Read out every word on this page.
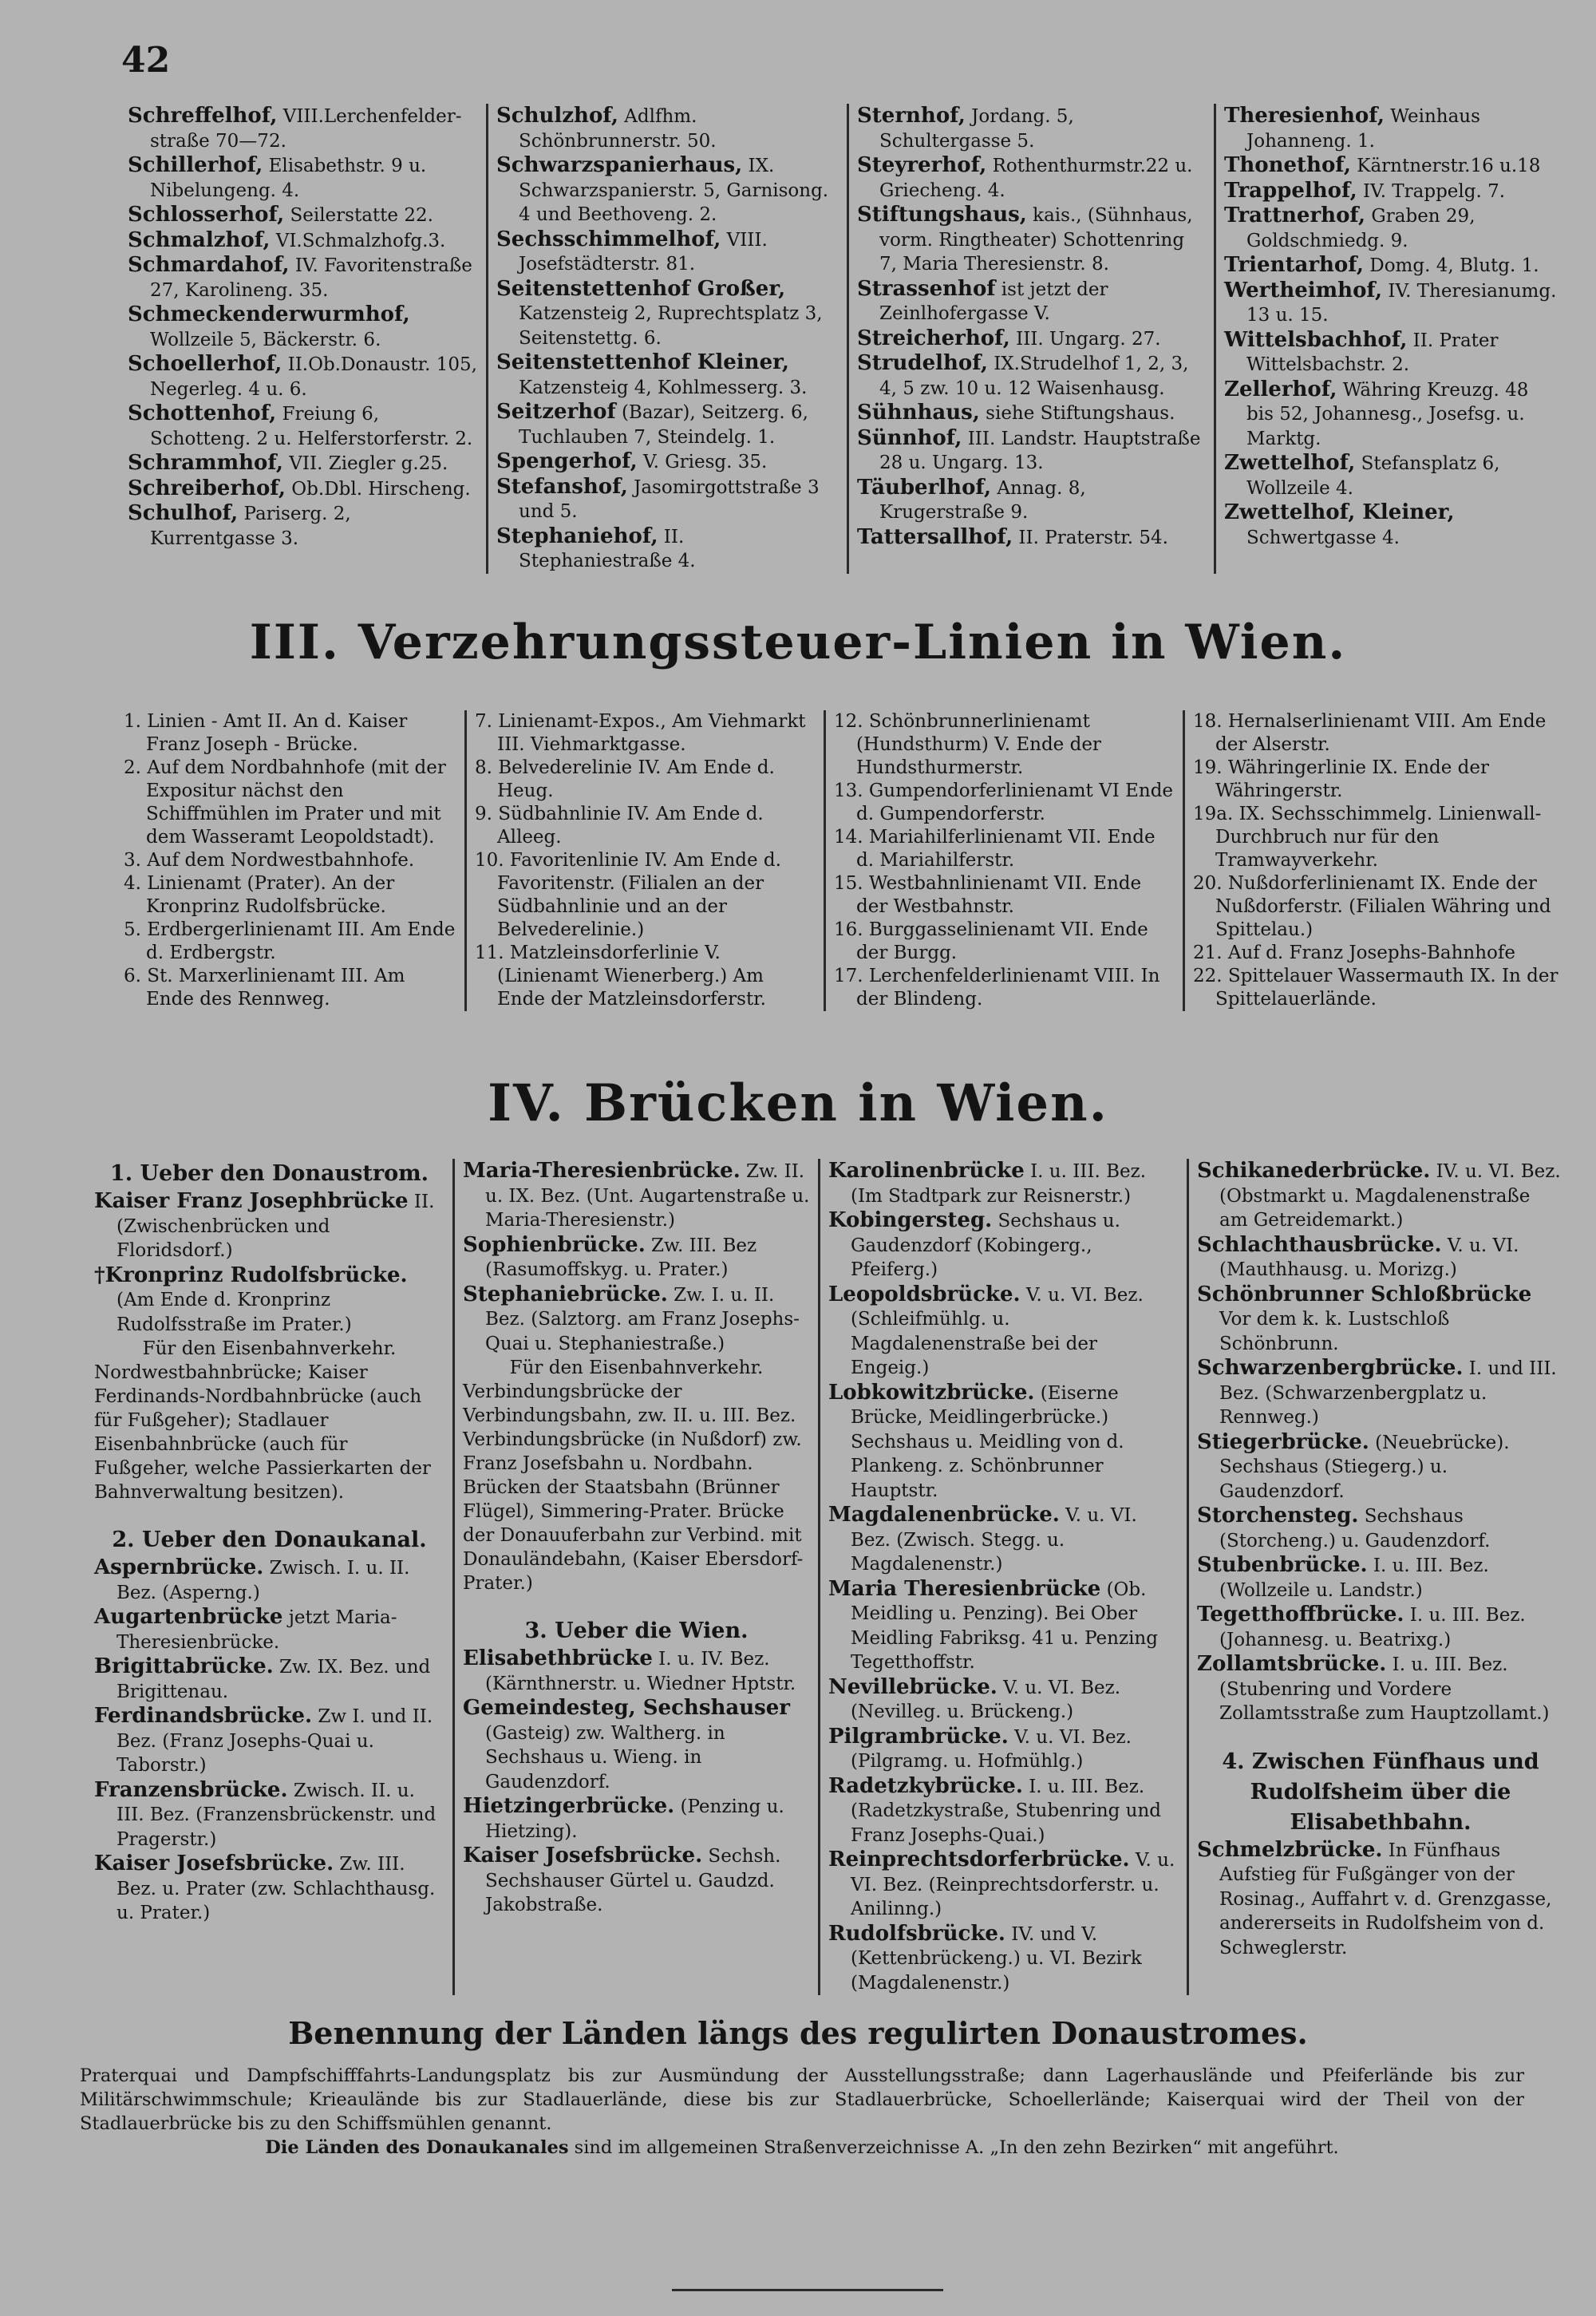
42
Schreffelhof, VIII.Lerchenfelder-straße 70—72.
Schillerhof, Elisabethstr. 9 u. Nibelungeng. 4.
Schlosserhof, Seilerstatte 22.
Schmalzhof, VI.Schmalzhofg.3.
Schmardahof, IV. Favoritenstraße 27, Karolineng. 35.
Schmeckenderwurmhof, Wollzeile 5, Bäckerstr. 6.
Schoellerhof, II.Ob.Donaustr. 105, Negerleg. 4 u. 6.
Schottenhof, Freiung 6, Schotteng. 2 u. Helferstorferstr. 2.
Schrammhof, VII. Ziegler g.25.
Schreiberhof, Ob.Dbl. Hirscheng.
Schulhof, Pariserg. 2, Kurrentgasse 3.
Schulzhof, Adlfhm. Schönbrunnerstr. 50.
Schwarzspanierhaus, IX. Schwarzspanierstr. 5, Garnisong. 4 und Beethoveng. 2.
Sechsschimmelhof, VIII. Josefstädterstr. 81.
Seitenstettenhof Großer, Katzensteig 2, Ruprechtsplatz 3, Seitenstettg. 6.
Seitenstettenhof Kleiner, Katzensteig 4, Kohlmesserg. 3.
Seitzerhof (Bazar), Seitzerg. 6, Tuchlauben 7, Steindelg. 1.
Spengerhof, V. Griesg. 35.
Stefanshof, Jasomirgottstraße 3 und 5.
Stephaniehof, II. Stephaniestraße 4.
Sternhof, Jordang. 5, Schultergasse 5.
Steyrerhof, Rothenthurmstr.22 u. Griecheng. 4.
Stiftungshaus, kais., (Sühnhaus, vorm. Ringtheater) Schottenring 7, Maria Theresienstr. 8.
Strassenhof ist jetzt der Zeinlhofergasse V.
Streicherhof, III. Ungarg. 27.
Strudelhof, IX.Strudelhof 1, 2, 3, 4, 5 zw. 10 u. 12 Waisenhausg.
Sühnhaus, siehe Stiftungshaus.
Sünnhof, III. Landstr. Hauptstraße 28 u. Ungarg. 13.
Täuberlhof, Annag. 8, Krugerstraße 9.
Tattersallhof, II. Praterstr. 54.
Theresienhof, Weinhaus Johanneng. 1.
Thonethof, Kärntnerstr.16 u.18
Trappelhof, IV. Trappelg. 7.
Trattnerhof, Graben 29, Goldschmiedg. 9.
Trientarhof, Domg. 4, Blutg. 1.
Wertheimhof, IV. Theresianumg. 13 u. 15.
Wittelsbachhof, II. Prater Wittelsbachstr. 2.
Zellerhof, Währing Kreuzg. 48 bis 52, Johannesg., Josefsg. u. Marktg.
Zwettelhof, Stefansplatz 6, Wollzeile 4.
Zwettelhof, Kleiner, Schwertgasse 4.
III. Verzehrungssteuer-Linien in Wien.
1. Linien - Amt II. An d. Kaiser Franz Joseph - Brücke.
2. Auf dem Nordbahnhofe (mit der Expositur nächst den Schiffmühlen im Prater und mit dem Wasseramt Leopoldstadt).
3. Auf dem Nordwestbahnhofe.
4. Linienamt (Prater). An der Kronprinz Rudolfsbrücke.
5. Erdbergerlinienamt III. Am Ende d. Erdbergstr.
6. St. Marxerlinienamt III. Am Ende des Rennweg.
7. Linienamt-Expos., Am Viehmarkt III. Viehmarktgasse.
8. Belvederelinie IV. Am Ende d. Heug.
9. Südbahnlinie IV. Am Ende d. Alleeg.
10. Favoritenlinie IV. Am Ende d. Favoritenstr. (Filialen an der Südbahnlinie und an der Belvederelinie.)
11. Matzleinsdorferlinie V. (Linienamt Wienerberg.) Am Ende der Matzleinsdorferstr.
12. Schönbrunnerlinienamt (Hundsthurm) V. Ende der Hundsthurmerstr.
13. Gumpendorferlinienamt VI Ende d. Gumpendorferstr.
14. Mariahilferlinienamt VII. Ende d. Mariahilferstr.
15. Westbahnlinienamt VII. Ende der Westbahnstr.
16. Burggasselinienamt VII. Ende der Burgg.
17. Lerchenfelderlinienamt VIII. In der Blindeng.
18. Hernalserlinienamt VIII. Am Ende der Alserstr.
19. Währingerlinie IX. Ende der Währingerstr.
19a. IX. Sechsschimmelg. Linienwall-Durchbruch nur für den Tramwayverkehr.
20. Nußdorferlinienamt IX. Ende der Nußdorferstr. (Filialen Währing und Spittelau.)
21. Auf d. Franz Josephs-Bahnhofe
22. Spittelauer Wassermauth IX. In der Spittelauerlände.
IV. Brücken in Wien.
1. Ueber den Donaustrom.
Kaiser Franz Josephbrücke II. (Zwischenbrücken und Floridsdorf.)
†Kronprinz Rudolfsbrücke. (Am Ende d. Kronprinz Rudolfsstraße im Prater.)
Für den Eisenbahnverkehr.
Nordwestbahnbrücke; Kaiser Ferdinands-Nordbahnbrücke (auch für Fußgeher); Stadlauer Eisenbahnbrücke (auch für Fußgeher, welche Passierkarten der Bahnverwaltung besitzen).
2. Ueber den Donaukanal.
Aspernbrücke. Zwisch. I. u. II. Bez. (Asperng.)
Augartenbrücke jetzt Maria-Theresienbrücke.
Brigittabrücke. Zw. IX. Bez. und Brigittenau.
Ferdinandsbrücke. Zw I. und II. Bez. (Franz Josephs-Quai u. Taborstr.)
Franzensbrücke. Zwisch. II. u. III. Bez. (Franzensbrückenstr. und Pragerstr.)
Kaiser Josefsbrücke. Zw. III. Bez. u. Prater (zw. Schlachthausg. u. Prater.)
Maria-Theresienbrücke. Zw. II. u. IX. Bez. (Unt. Augartenstraße u. Maria-Theresienstr.)
Sophienbrücke. Zw. III. Bez (Rasumoffskyg. u. Prater.)
Stephaniebrücke. Zw. I. u. II. Bez. (Salztorg. am Franz Josephs-Quai u. Stephaniestraße.)
Für den Eisenbahnverkehr.
Verbindungsbrücke der Verbindungsbahn, zw. II. u. III. Bez. Verbindungsbrücke (in Nußdorf) zw. Franz Josefsbahn u. Nordbahn. Brücken der Staatsbahn (Brünner Flügel), Simmering-Prater. Brücke der Donauuferbahn zur Verbind. mit Donauländebahn, (Kaiser Ebersdorf-Prater.)
3. Ueber die Wien.
Elisabethbrücke I. u. IV. Bez. (Kärnthnerstr. u. Wiedner Hptstr.
Gemeindesteg, Sechshauser (Gasteig) zw. Waltherg. in Sechshaus u. Wieng. in Gaudenzdorf.
Hietzingerbrücke. (Penzing u. Hietzing).
Kaiser Josefsbrücke. Sechsh. Sechshauser Gürtel u. Gaudzd. Jakobstraße.
Karolinenbrücke I. u. III. Bez. (Im Stadtpark zur Reisnerstr.)
Kobingersteg. Sechshaus u. Gaudenzdorf (Kobingerg., Pfeiferg.)
Leopoldsbrücke. V. u. VI. Bez. (Schleifmühlg. u. Magdalenenstraße bei der Engeig.)
Lobkowitzbrücke. (Eiserne Brücke, Meidlingerbrücke.) Sechshaus u. Meidling von d. Plankeng. z. Schönbrunner Hauptstr.
Magdalenenbrücke. V. u. VI. Bez. (Zwisch. Stegg. u. Magdalenenstr.)
Maria Theresienbrücke (Ob. Meidling u. Penzing). Bei Ober Meidling Fabriksg. 41 u. Penzing Tegetthoffstr.
Nevillebrücke. V. u. VI. Bez. (Nevilleg. u. Brückeng.)
Pilgrambrücke. V. u. VI. Bez. (Pilgramg. u. Hofmühlg.)
Radetzkybrücke. I. u. III. Bez. (Radetzkystraße, Stubenring und Franz Josephs-Quai.)
Reinprechtsdorferbrücke. V. u. VI. Bez. (Reinprechtsdorferstr. u. Anilinng.)
Rudolfsbrücke. IV. und V. (Kettenbrückeng.) u. VI. Bezirk (Magdalenenstr.)
Schikanederbrücke. IV. u. VI. Bez. (Obstmarkt u. Magdalenenstraße am Getreidemarkt.)
Schlachthausbrücke. V. u. VI. (Mauthhausg. u. Morizg.)
Schönbrunner Schloßbrücke Vor dem k. k. Lustschloß Schönbrunn.
Schwarzenbergbrücke. I. und III. Bez. (Schwarzenbergplatz u. Rennweg.)
Stiegerbrücke. (Neuebrücke). Sechshaus (Stiegerg.) u. Gaudenzdorf.
Storchensteg. Sechshaus (Storcheng.) u. Gaudenzdorf.
Stubenbrücke. I. u. III. Bez. (Wollzeile u. Landstr.)
Tegetthoffbrücke. I. u. III. Bez. (Johannesg. u. Beatrixg.)
Zollamtsbrücke. I. u. III. Bez. (Stubenring und Vordere Zollamtsstraße zum Hauptzollamt.)
4. Zwischen Fünfhaus und Rudolfsheim über die Elisabethbahn.
Schmelzbrücke. In Fünfhaus Aufstieg für Fußgänger von der Rosinag., Auffahrt v. d. Grenzgasse, andererseits in Rudolfsheim von d. Schweglerstr.
Benennung der Länden längs des regulirten Donaustromes.
Praterquai und Dampfschifffahrts-Landungsplatz bis zur Ausmündung der Ausstellungsstraße; dann Lagerhauslände und Pfeiferlände bis zur Militärschwimmschule; Krieaulände bis zur Stadlauerlände, diese bis zur Stadlauerbrücke, Schoellerlände; Kaiserquai wird der Theil von der Stadlauerbrücke bis zu den Schiffsmühlen genannt.
Die Länden des Donaukanales sind im allgemeinen Straßenverzeichnisse A. „In den zehn Bezirken“ mit angeführt.
